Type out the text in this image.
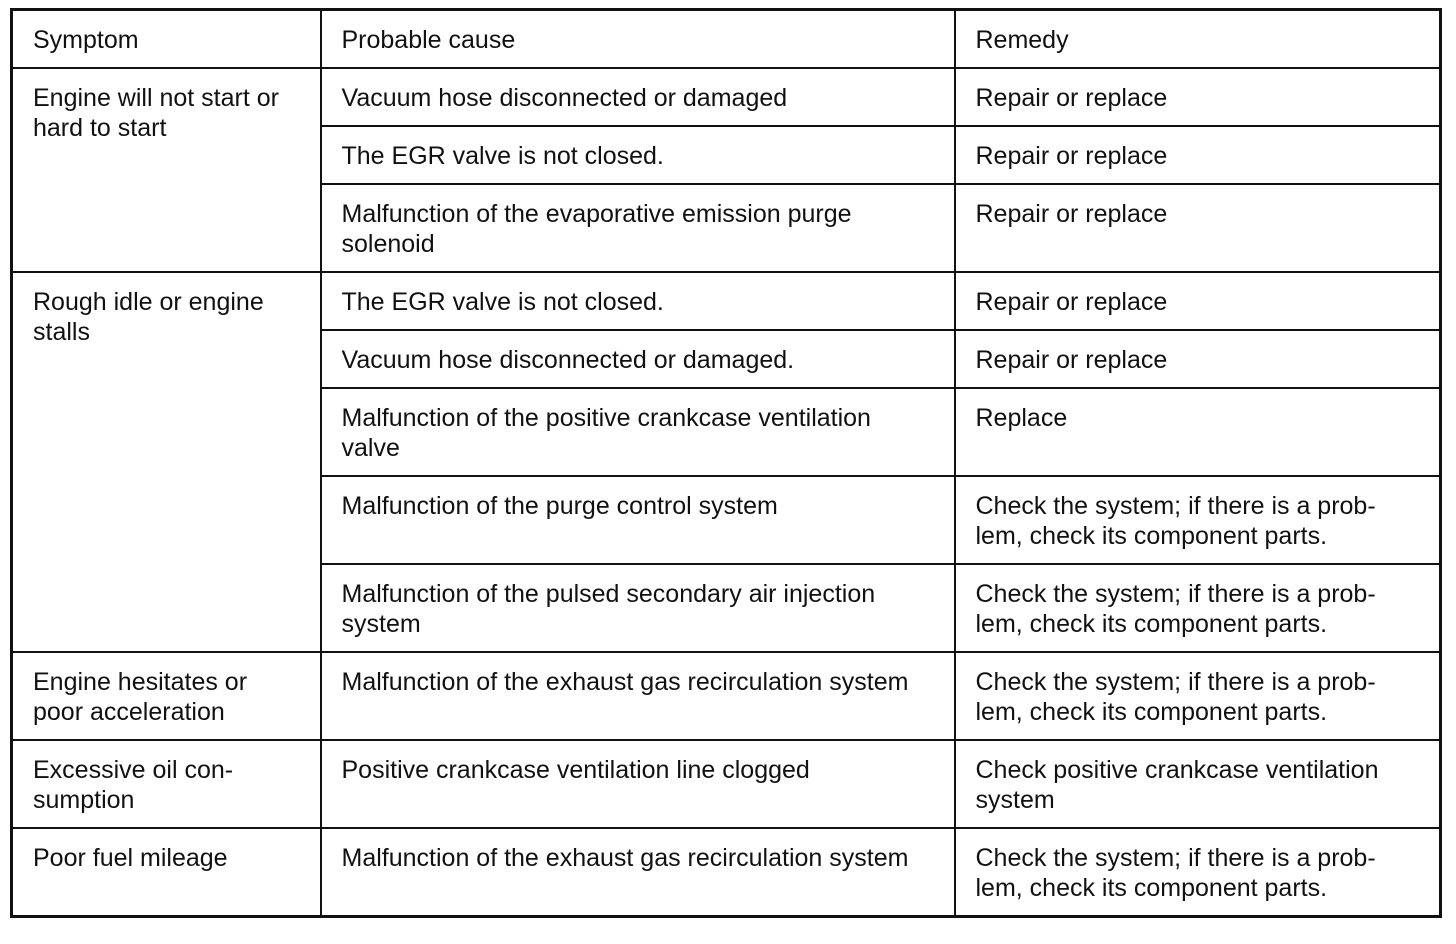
Symptom	Probable cause	Remedy
Engine will not start or hard to start	Vacuum hose disconnected or damaged	Repair or replace
	The EGR valve is not closed.	Repair or replace
	Malfunction of the evaporative emission purge solenoid	Repair or replace
Rough idle or engine stalls	The EGR valve is not closed.	Repair or replace
	Vacuum hose disconnected or damaged.	Repair or replace
	Malfunction of the positive crankcase ventilation valve	Replace
	Malfunction of the purge control system	Check the system; if there is a prob-lem, check its component parts.
	Malfunction of the pulsed secondary air injection system	Check the system; if there is a prob-lem, check its component parts.
Engine hesitates or poor acceleration	Malfunction of the exhaust gas recirculation system	Check the system; if there is a prob-lem, check its component parts.
Excessive oil con-sumption	Positive crankcase ventilation line clogged	Check positive crankcase ventilation system
Poor fuel mileage	Malfunction of the exhaust gas recirculation system	Check the system; if there is a prob-lem, check its component parts.
